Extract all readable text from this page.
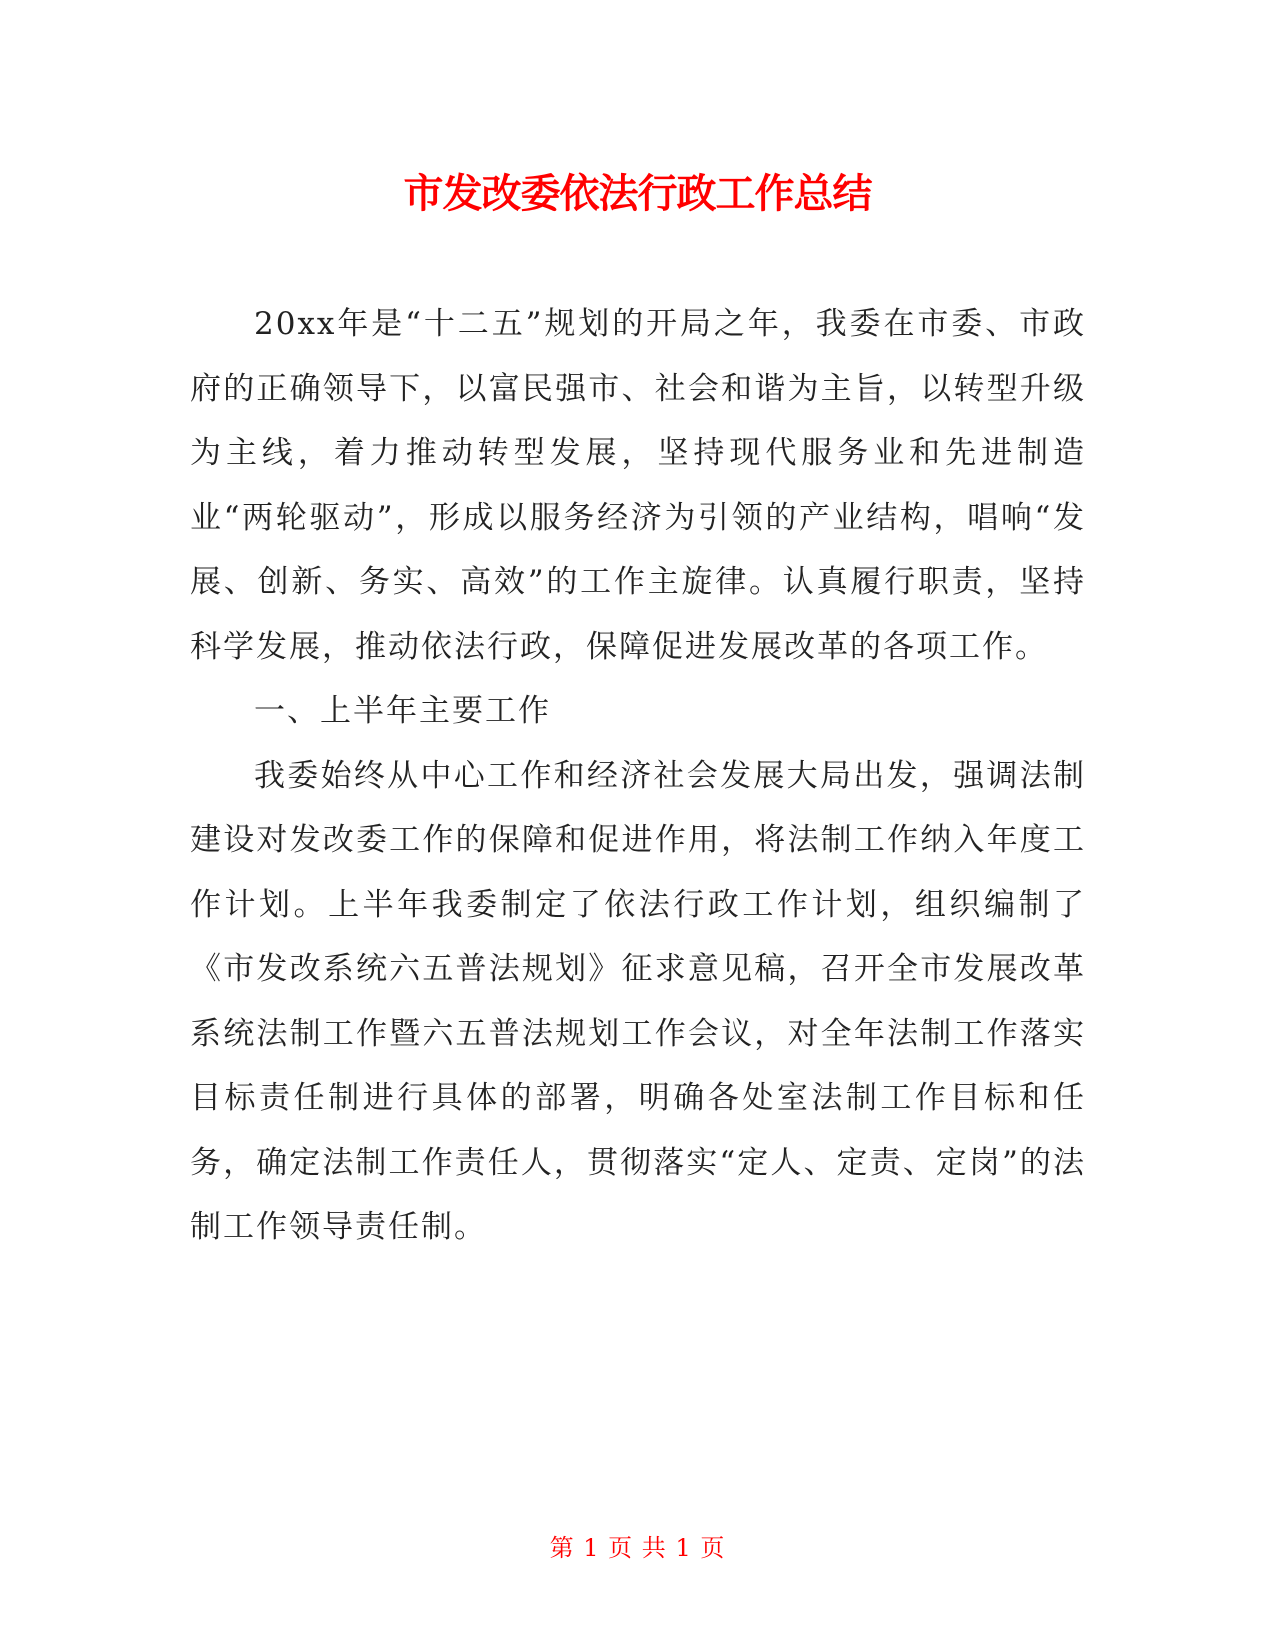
市发改委依法行政工作总结

20xx年是“十二五”规划的开局之年，我委在市委、市政府的正确领导下，以富民强市、社会和谐为主旨，以转型升级为主线，着力推动转型发展，坚持现代服务业和先进制造业“两轮驱动”，形成以服务经济为引领的产业结构，唱响“发展、创新、务实、高效”的工作主旋律。认真履行职责，坚持科学发展，推动依法行政，保障促进发展改革的各项工作。

一、上半年主要工作

我委始终从中心工作和经济社会发展大局出发，强调法制建设对发改委工作的保障和促进作用，将法制工作纳入年度工作计划。上半年我委制定了依法行政工作计划，组织编制了《市发改系统六五普法规划》征求意见稿，召开全市发展改革系统法制工作暨六五普法规划工作会议，对全年法制工作落实目标责任制进行具体的部署，明确各处室法制工作目标和任务，确定法制工作责任人，贯彻落实“定人、定责、定岗”的法制工作领导责任制。

第 1 页 共 1 页
